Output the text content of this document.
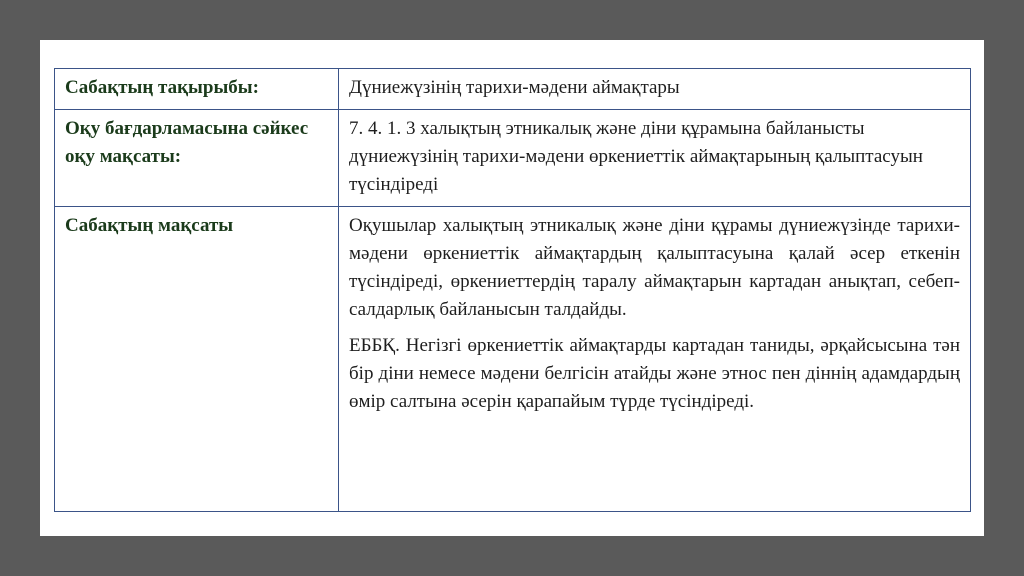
Сабақтың тақырыбы:	Дүниежүзінің тарихи-мәдени аймақтары
Оқу бағдарламасына сәйкес оқу мақсаты:	7. 4. 1. 3 халықтың этникалық және діни құрамына байланысты дүниежүзінің тарихи-мәдени өркениеттік аймақтарының қалыптасуын түсіндіреді
Сабақтың мақсаты	Оқушылар халықтың этникалық және діни құрамы дүниежүзінде тарихи-мәдени өркениеттік аймақтардың қалыптасуына қалай әсер еткенін түсіндіреді, өркениеттердің таралу аймақтарын картадан анықтап, себеп-салдарлық байланысын талдайды.

ЕББҚ. Негізгі өркениеттік аймақтарды картадан таниды, әрқайсысына тән бір діни немесе мәдени белгісін атайды және этнос пен діннің адамдардың өмір салтына әсерін қарапайым түрде түсіндіреді.
